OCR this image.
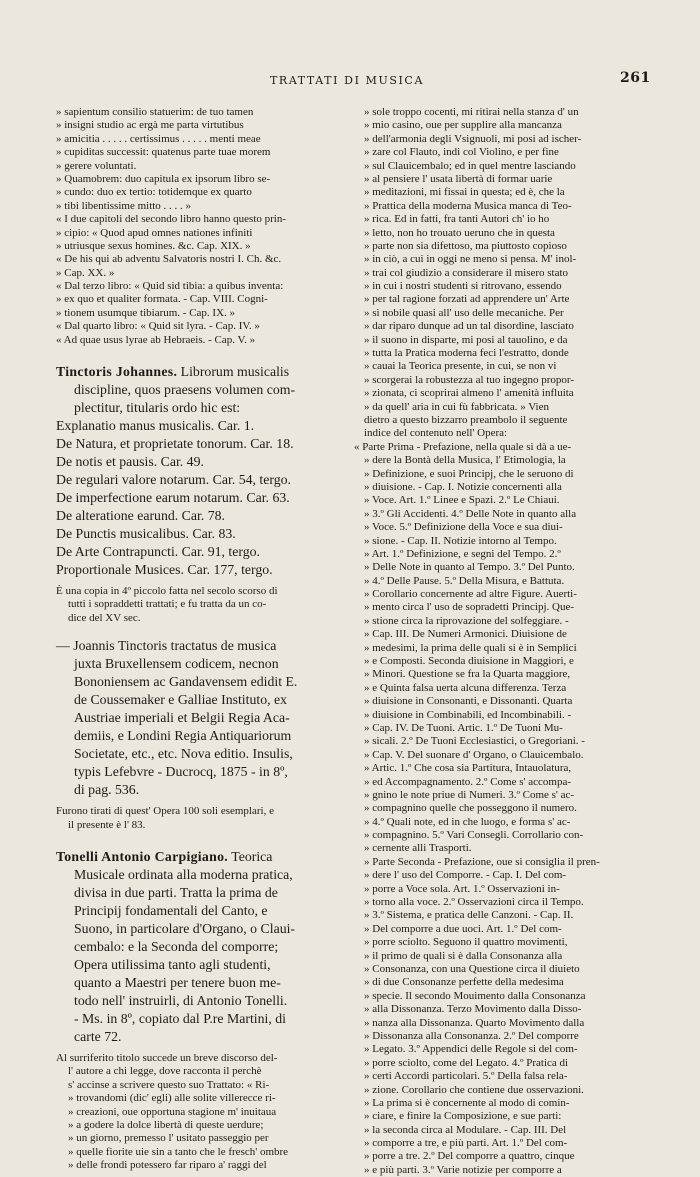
TRATTATI DI MUSICA	261
» sapientum consilio statuerim: de tuo tamen
» insigni studio ac ergà me parta virtutibus
» amicitia . . . . . certissimus . . . . . menti meae
» cupiditas successit: quatenus parte tuae morem
» gerere voluntati.
» Quamobrem: duo capitula ex ipsorum libro se-
» cundo: duo ex tertio: totidemque ex quarto
» tibi libentissime mitto . . . . »
« I due capitoli del secondo libro hanno questo prin-
» cipio: « Quod apud omnes nationes infiniti
» utriusque sexus homines. &c. Cap. XIX. »
« De his qui ab adventu Salvatoris nostri I. Ch. &c.
» Cap. XX. »
« Dal terzo libro: « Quid sid tibia: a quibus inventa:
» ex quo et qualiter formata. - Cap. VIII. Cogni-
» tionem usumque tibiarum. - Cap. IX. »
« Dal quarto libro: « Quid sit lyra. - Cap. IV. »
« Ad quae usus lyrae ab Hebraeis. - Cap. V. »
Tinctoris Johannes. Librorum musicalis
discipline, quos praesens volumen com-
plectitur, titularis ordo hic est:
Explanatio manus musicalis. Car. 1.
De Natura, et proprietate tonorum. Car. 18.
De notis et pausis. Car. 49.
De regulari valore notarum. Car. 54, tergo.
De imperfectione earum notarum. Car. 63.
De alteratione earund. Car. 78.
De Punctis musicalibus. Car. 83.
De Arte Contrapuncti. Car. 91, tergo.
Proportionale Musices. Car. 177, tergo.
È una copia in 4º piccolo fatta nel secolo scorso di
tutti i sopraddetti trattati; e fu tratta da un co-
dice del XV sec.
— Joannis Tinctoris tractatus de musica
juxta Bruxellensem codicem, necnon
Bononiensem ac Gandavensem edidit E.
de Coussemaker e Galliae Instituto, ex
Austriae imperiali et Belgii Regia Aca-
demiis, e Londini Regia Antiquariorum
Societate, etc., etc. Nova editio. Insulis,
typis Lefebvre - Ducrocq, 1875 - in 8º,
di pag. 536.
Furono tirati di quest' Opera 100 soli esemplari, e
il presente è l' 83.
Tonelli Antonio Carpigiano. Teorica
Musicale ordinata alla moderna pratica,
divisa in due parti. Tratta la prima de
Principij fondamentali del Canto, e
Suono, in particolare d'Organo, o Claui-
cembalo: e la Seconda del comporre;
Opera utilissima tanto agli studenti,
quanto a Maestri per tenere buon me-
todo nell' instruirli, di Antonio Tonelli.
- Ms. in 8º, copiato dal P.re Martini, di
carte 72.
Al surriferito titolo succede un breve discorso del-
l' autore a chi legge, dove racconta il perchè
s' accinse a scrivere questo suo Trattato: « Ri-
» trovandomi (dic' egli) alle solite villerecce ri-
» creazioni, oue opportuna stagione m' inuitaua
» a godere la dolce libertà di queste uerdure;
» un giorno, premesso l' usitato passeggio per
» quelle fiorite uie sin a tanto che le fresch' ombre
» delle frondi potessero far riparo a' raggi del
» sole troppo cocenti, mi ritirai nella stanza d' un
» mio casino, oue per supplire alla mancanza
» dell'armonia degli Vsignuoli, mi posi ad ischer-
» zare col Flauto, indi col Violino, e per fine
» sul Clauicembalo; ed in quel mentre lasciando
» al pensiere l' usata libertà di formar uarie
» meditazioni, mi fissai in questa; ed è, che la
» Prattica della moderna Musica manca di Teo-
» rica. Ed in fatti, fra tanti Autori ch' io ho
» letto, non ho trouato ueruno che in questa
» parte non sia difettoso, ma piuttosto copioso
» in ciò, a cui in oggi ne meno si pensa. M' inol-
» trai col giudizio a considerare il misero stato
» in cui i nostri studenti si ritrovano, essendo
» per tal ragione forzati ad apprendere un' Arte
» sì nobile quasi all' uso delle mecaniche. Per
» dar riparo dunque ad un tal disordine, lasciato
» il suono in disparte, mi posi al tauolino, e da
» tutta la Pratica moderna feci l'estratto, donde
» cauai la Teorica presente, in cui, se non vi
» scorgerai la robustezza al tuo ingegno propor-
» zionata, ci scoprirai almeno l' amenità influita
» da quell' aria in cui fù fabbricata. » Vien
dietro a questo bizzarro preambolo il seguente
indice del contenuto nell' Opera:
« Parte Prima - Prefazione, nella quale si dà a ue-
» dere la Bontà della Musica, l' Etimologia, la
» Definizione, e suoi Principj, che le seruono di
» diuisione. - Cap. I. Notizie concernenti alla
» Voce. Art. 1.º Linee e Spazi. 2.º Le Chiaui.
» 3.º Gli Accidenti. 4.º Delle Note in quanto alla
» Voce. 5.º Definizione della Voce e sua diui-
» sione. - Cap. II. Notizie intorno al Tempo.
» Art. 1.º Definizione, e segni del Tempo. 2.º
» Delle Note in quanto al Tempo. 3.º Del Punto.
» 4.º Delle Pause. 5.º Della Misura, e Battuta.
» Corollario concernente ad altre Figure. Auerti-
» mento circa l' uso de sopradetti Principj. Que-
» stione circa la riprovazione del solfeggiare. -
» Cap. III. De Numeri Armonici. Diuisione de
» medesimi, la prima delle quali si è in Semplici
» e Composti. Seconda diuisione in Maggiori, e
» Minori. Questione se fra la Quarta maggiore,
» e Quinta falsa uerta alcuna differenza. Terza
» diuisione in Consonanti, e Dissonanti. Quarta
» diuisione in Combinabili, ed Incombinabili. -
» Cap. IV. De Tuoni. Artic. 1.º De Tuoni Mu-
» sicali. 2.º De Tuoni Ecclesiastici, o Gregoriani. -
» Cap. V. Del suonare d' Organo, o Clauicembalo.
» Artic. 1.º Che cosa sia Partitura, Intauolatura,
» ed Accompagnamento. 2.º Come s' accompa-
» gnino le note priue di Numeri. 3.º Come s' ac-
» compagnino quelle che posseggono il numero.
» 4.º Quali note, ed in che luogo, e forma s' ac-
» compagnino. 5.º Vari Consegli. Corrollario con-
» cernente alli Trasporti.
» Parte Seconda - Prefazione, oue si consiglia il pren-
» dere l' uso del Comporre. - Cap. I. Del com-
» porre a Voce sola. Art. 1.º Osservazioni in-
» torno alla voce. 2.º Osservazioni circa il Tempo.
» 3.º Sistema, e pratica delle Canzoni. - Cap. II.
» Del comporre a due uoci. Art. 1.º Del com-
» porre sciolto. Seguono il quattro movimenti,
» il primo de quali si è dalla Consonanza alla
» Consonanza, con una Questione circa il diuieto
» di due Consonanze perfette della medesima
» specie. Il secondo Mouimento dalla Consonanza
» alla Dissonanza. Terzo Movimento dalla Disso-
» nanza alla Dissonanza. Quarto Movimento dalla
» Dissonanza alla Consonanza. 2.º Del comporre
» Legato. 3.º Appendici delle Regole si del com-
» porre sciolto, come del Legato. 4.º Pratica di
» certi Accordi particolari. 5.º Della falsa rela-
» zione. Corollario che contiene due osservazioni.
» La prima si è concernente al modo di comin-
» ciare, e finire la Composizione, e sue parti:
» la seconda circa al Modulare. - Cap. III. Del
» comporre a tre, e più parti. Art. 1.º Del com-
» porre a tre. 2.º Del comporre a quattro, cinque
» e più parti. 3.º Varie notizie per comporre a
